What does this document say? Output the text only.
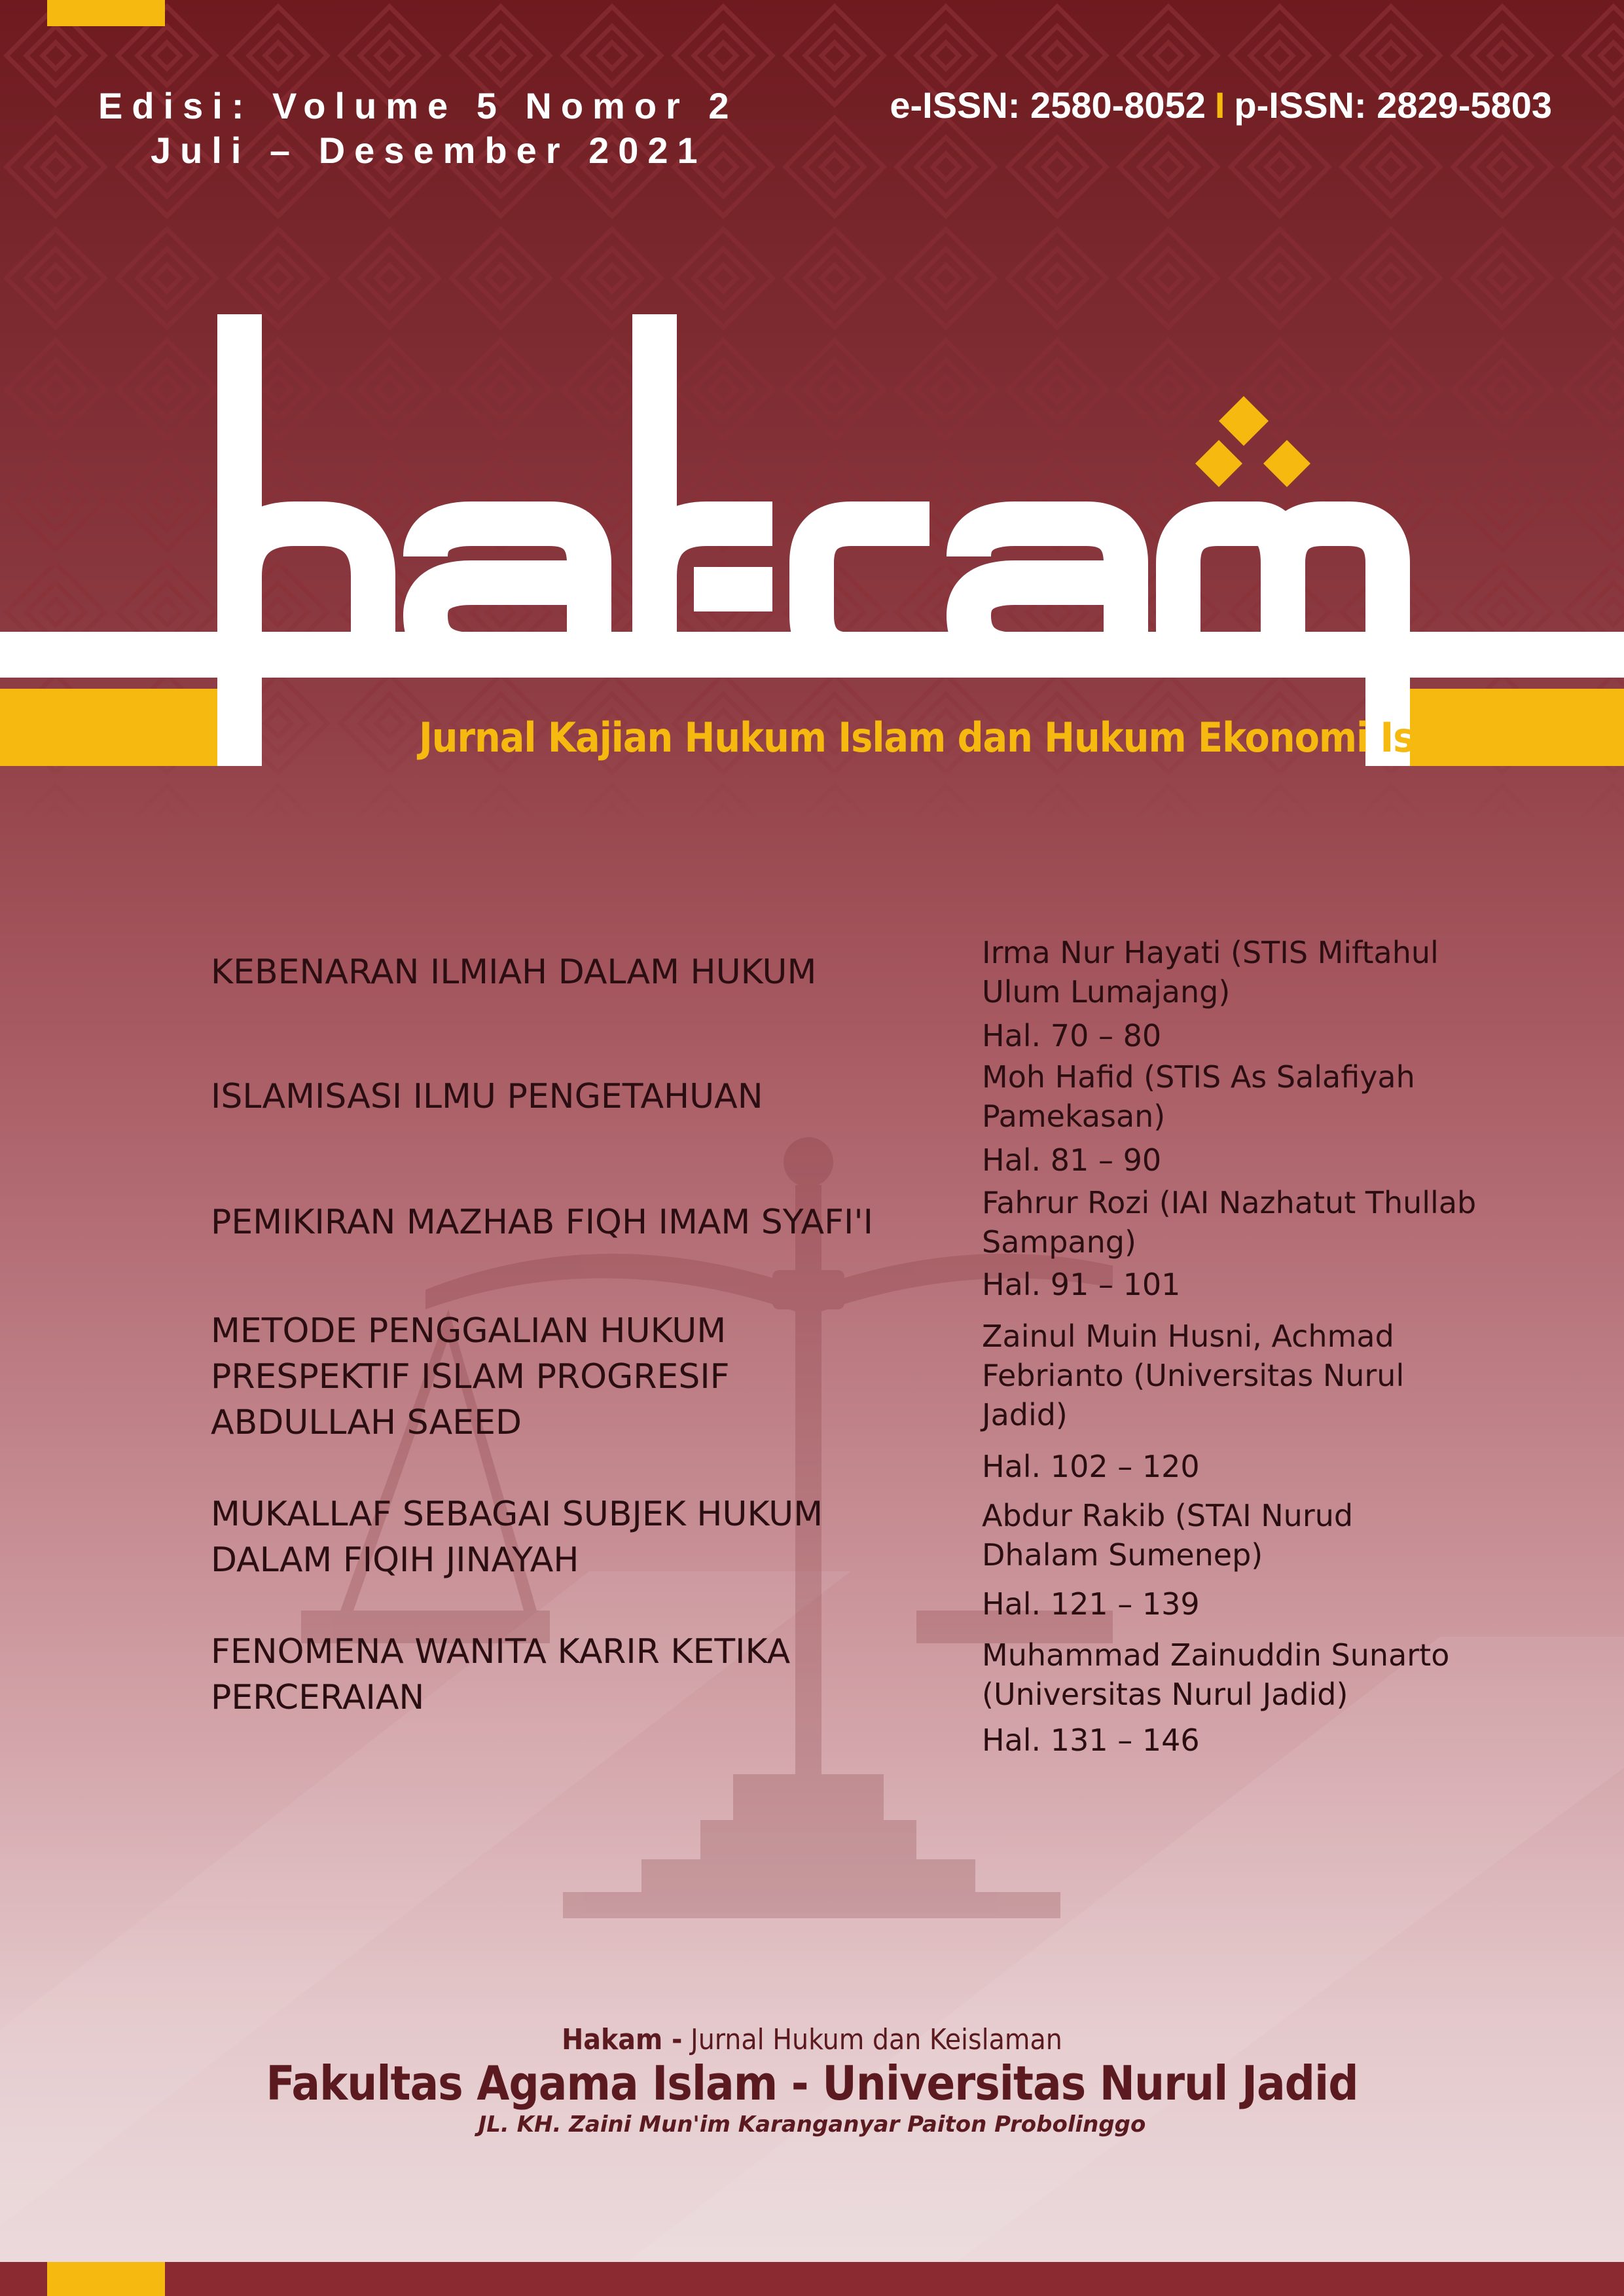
Edisi: Volume 5 Nomor 2
Juli – Desember 2021
e-ISSN: 2580-8052 I p-ISSN: 2829-5803
Jurnal Kajian Hukum Islam dan Hukum Ekonomi Islam
KEBENARAN ILMIAH DALAM HUKUM	Irma Nur Hayati (STIS Miftahul Ulum Lumajang)
Hal. 70 – 80
ISLAMISASI ILMU PENGETAHUAN	Moh Hafid (STIS As Salafiyah Pamekasan)
Hal. 81 – 90
PEMIKIRAN MAZHAB FIQH IMAM SYAFI'I	Fahrur Rozi (IAI Nazhatut Thullab Sampang)
Hal. 91 – 101
METODE PENGGALIAN HUKUM PRESPEKTIF ISLAM PROGRESIF ABDULLAH SAEED
Zainul Muin Husni, Achmad Febrianto (Universitas Nurul Jadid)
Hal. 102 – 120
MUKALLAF SEBAGAI SUBJEK HUKUM DALAM FIQIH JINAYAH
Abdur Rakib (STAI Nurud Dhalam Sumenep)
Hal. 121 – 139
FENOMENA WANITA KARIR KETIKA PERCERAIAN
Muhammad Zainuddin Sunarto (Universitas Nurul Jadid)
Hal. 131 – 146
Hakam - Jurnal Hukum dan Keislaman
Fakultas Agama Islam - Universitas Nurul Jadid
JL. KH. Zaini Mun'im Karanganyar Paiton Probolinggo
